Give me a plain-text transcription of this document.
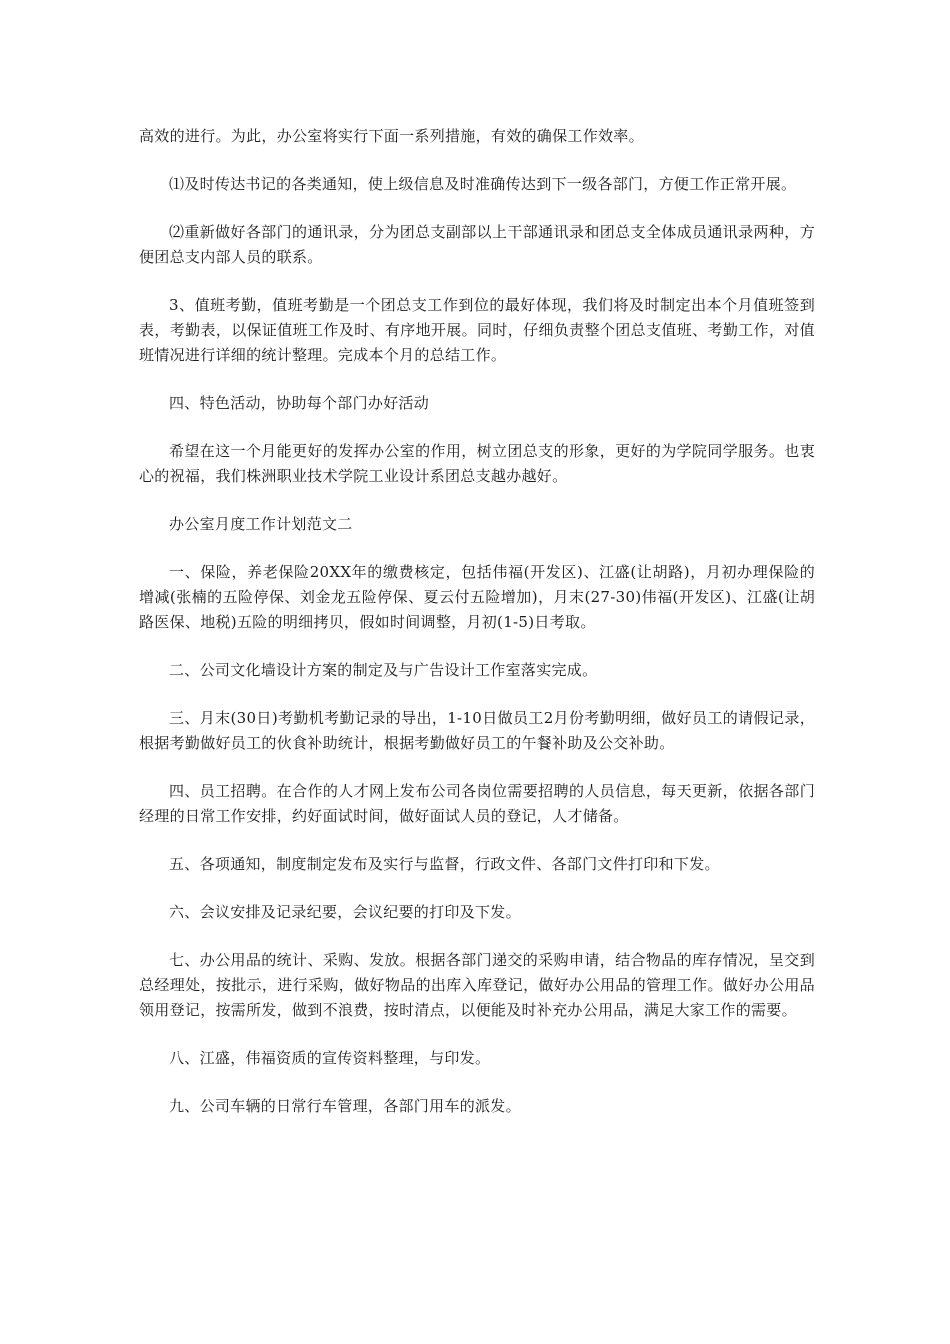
高效的进行。为此，办公室将实行下面一系列措施，有效的确保工作效率。

⑴及时传达书记的各类通知，使上级信息及时准确传达到下一级各部门，方便工作正常开展。

⑵重新做好各部门的通讯录，分为团总支副部以上干部通讯录和团总支全体成员通讯录两种，方便团总支内部人员的联系。

3、值班考勤，值班考勤是一个团总支工作到位的最好体现，我们将及时制定出本个月值班签到表，考勤表，以保证值班工作及时、有序地开展。同时，仔细负责整个团总支值班、考勤工作，对值班情况进行详细的统计整理。完成本个月的总结工作。

四、特色活动，协助每个部门办好活动

希望在这一个月能更好的发挥办公室的作用，树立团总支的形象，更好的为学院同学服务。也衷心的祝福，我们株洲职业技术学院工业设计系团总支越办越好。

办公室月度工作计划范文二

一、保险，养老保险20XX年的缴费核定，包括伟福(开发区)、江盛(让胡路)，月初办理保险的增减(张楠的五险停保、刘金龙五险停保、夏云付五险增加)，月末(27-30)伟福(开发区)、江盛(让胡路医保、地税)五险的明细拷贝，假如时间调整，月初(1-5)日考取。

二、公司文化墙设计方案的制定及与广告设计工作室落实完成。

三、月末(30日)考勤机考勤记录的导出，1-10日做员工2月份考勤明细，做好员工的请假记录，根据考勤做好员工的伙食补助统计，根据考勤做好员工的午餐补助及公交补助。

四、员工招聘。在合作的人才网上发布公司各岗位需要招聘的人员信息，每天更新，依据各部门经理的日常工作安排，约好面试时间，做好面试人员的登记，人才储备。

五、各项通知，制度制定发布及实行与监督，行政文件、各部门文件打印和下发。

六、会议安排及记录纪要，会议纪要的打印及下发。

七、办公用品的统计、采购、发放。根据各部门递交的采购申请，结合物品的库存情况，呈交到总经理处，按批示，进行采购，做好物品的出库入库登记，做好办公用品的管理工作。做好办公用品领用登记，按需所发，做到不浪费，按时清点，以便能及时补充办公用品，满足大家工作的需要。

八、江盛，伟福资质的宣传资料整理，与印发。

九、公司车辆的日常行车管理，各部门用车的派发。
